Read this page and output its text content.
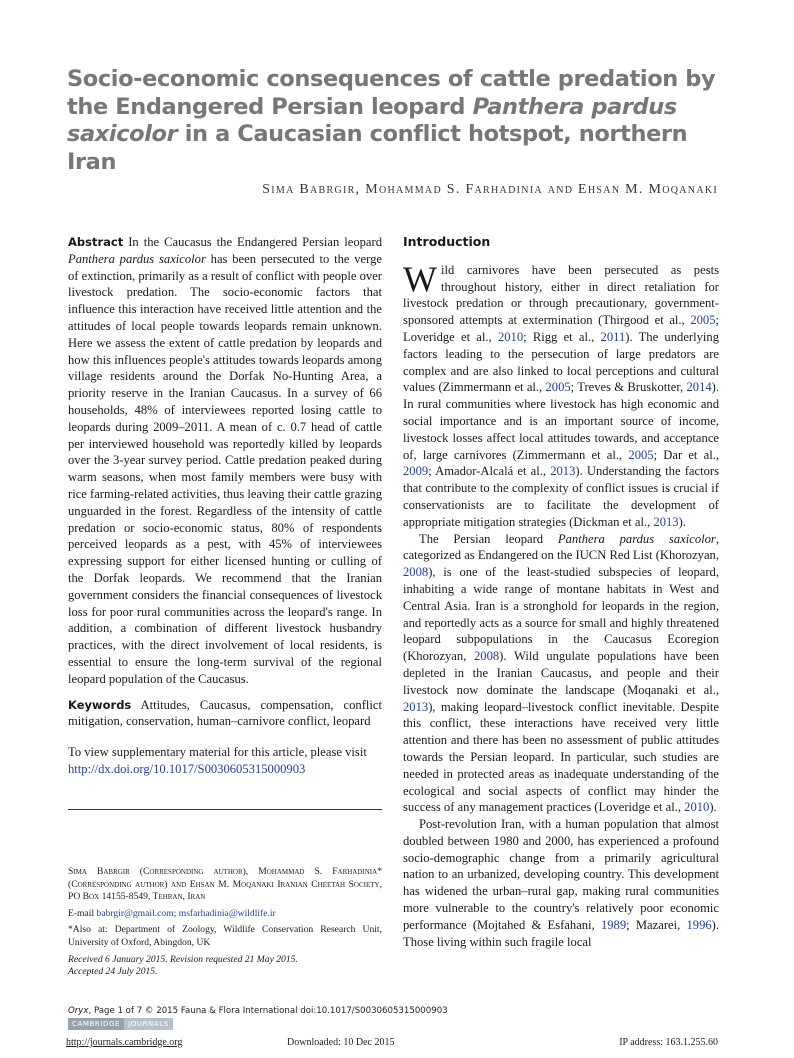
Socio-economic consequences of cattle predation by the Endangered Persian leopard Panthera pardus saxicolor in a Caucasian conflict hotspot, northern Iran

Sima Babrgir, Mohammad S. Farhadinia and Ehsan M. Moqanaki

Abstract In the Caucasus the Endangered Persian leopard Panthera pardus saxicolor has been persecuted to the verge of extinction, primarily as a result of conflict with people over livestock predation. The socio-economic factors that influence this interaction have received little attention and the attitudes of local people towards leopards remain unknown. Here we assess the extent of cattle predation by leopards and how this influences people's attitudes towards leopards among village residents around the Dorfak No-Hunting Area, a priority reserve in the Iranian Caucasus. In a survey of 66 households, 48% of interviewees reported losing cattle to leopards during 2009–2011. A mean of c. 0.7 head of cattle per interviewed household was reportedly killed by leopards over the 3-year survey period. Cattle predation peaked during warm seasons, when most family members were busy with rice farming-related activities, thus leaving their cattle grazing unguarded in the forest. Regardless of the intensity of cattle predation or socio-economic status, 80% of respondents perceived leopards as a pest, with 45% of interviewees expressing support for either licensed hunting or culling of the Dorfak leopards. We recommend that the Iranian government considers the financial consequences of livestock loss for poor rural communities across the leopard's range. In addition, a combination of different livestock husbandry practices, with the direct involvement of local residents, is essential to ensure the long-term survival of the regional leopard population of the Caucasus.

Keywords Attitudes, Caucasus, compensation, conflict mitigation, conservation, human–carnivore conflict, leopard

To view supplementary material for this article, please visit http://dx.doi.org/10.1017/S0030605315000903

Sima Babrgir (Corresponding author), Mohammad S. Farhadinia* (Corresponding author) and Ehsan M. Moqanaki Iranian Cheetah Society, PO Box 14155-8549, Tehran, Iran

E-mail babrgir@gmail.com; msfarhadinia@wildlife.ir

*Also at: Department of Zoology, Wildlife Conservation Research Unit, University of Oxford, Abingdon, UK

Received 6 January 2015. Revision requested 21 May 2015.

Accepted 24 July 2015.

Introduction

Wild carnivores have been persecuted as pests throughout history, either in direct retaliation for livestock predation or through precautionary, government-sponsored attempts at extermination (Thirgood et al., 2005; Loveridge et al., 2010; Rigg et al., 2011). The underlying factors leading to the persecution of large predators are complex and are also linked to local perceptions and cultural values (Zimmermann et al., 2005; Treves & Bruskotter, 2014). In rural communities where livestock has high economic and social importance and is an important source of income, livestock losses affect local attitudes towards, and acceptance of, large carnivores (Zimmermann et al., 2005; Dar et al., 2009; Amador-Alcalá et al., 2013). Understanding the factors that contribute to the complexity of conflict issues is crucial if conservationists are to facilitate the development of appropriate mitigation strategies (Dickman et al., 2013).

The Persian leopard Panthera pardus saxicolor, categorized as Endangered on the IUCN Red List (Khorozyan, 2008), is one of the least-studied subspecies of leopard, inhabiting a wide range of montane habitats in West and Central Asia. Iran is a stronghold for leopards in the region, and reportedly acts as a source for small and highly threatened leopard subpopulations in the Caucasus Ecoregion (Khorozyan, 2008). Wild ungulate populations have been depleted in the Iranian Caucasus, and people and their livestock now dominate the landscape (Moqanaki et al., 2013), making leopard–livestock conflict inevitable. Despite this conflict, these interactions have received very little attention and there has been no assessment of public attitudes towards the Persian leopard. In particular, such studies are needed in protected areas as inadequate understanding of the ecological and social aspects of conflict may hinder the success of any management practices (Loveridge et al., 2010).

Post-revolution Iran, with a human population that almost doubled between 1980 and 2000, has experienced a profound socio-demographic change from a primarily agricultural nation to an urbanized, developing country. This development has widened the urban–rural gap, making rural communities more vulnerable to the country's relatively poor economic performance (Mojtahed & Esfahani, 1989; Mazarei, 1996). Those living within such fragile local

Oryx, Page 1 of 7 © 2015 Fauna & Flora International doi:10.1017/S0030605315000903
CAMBRIDGE	JOURNALS
http://journals.cambridge.org	Downloaded: 10 Dec 2015	IP address: 163.1.255.60
